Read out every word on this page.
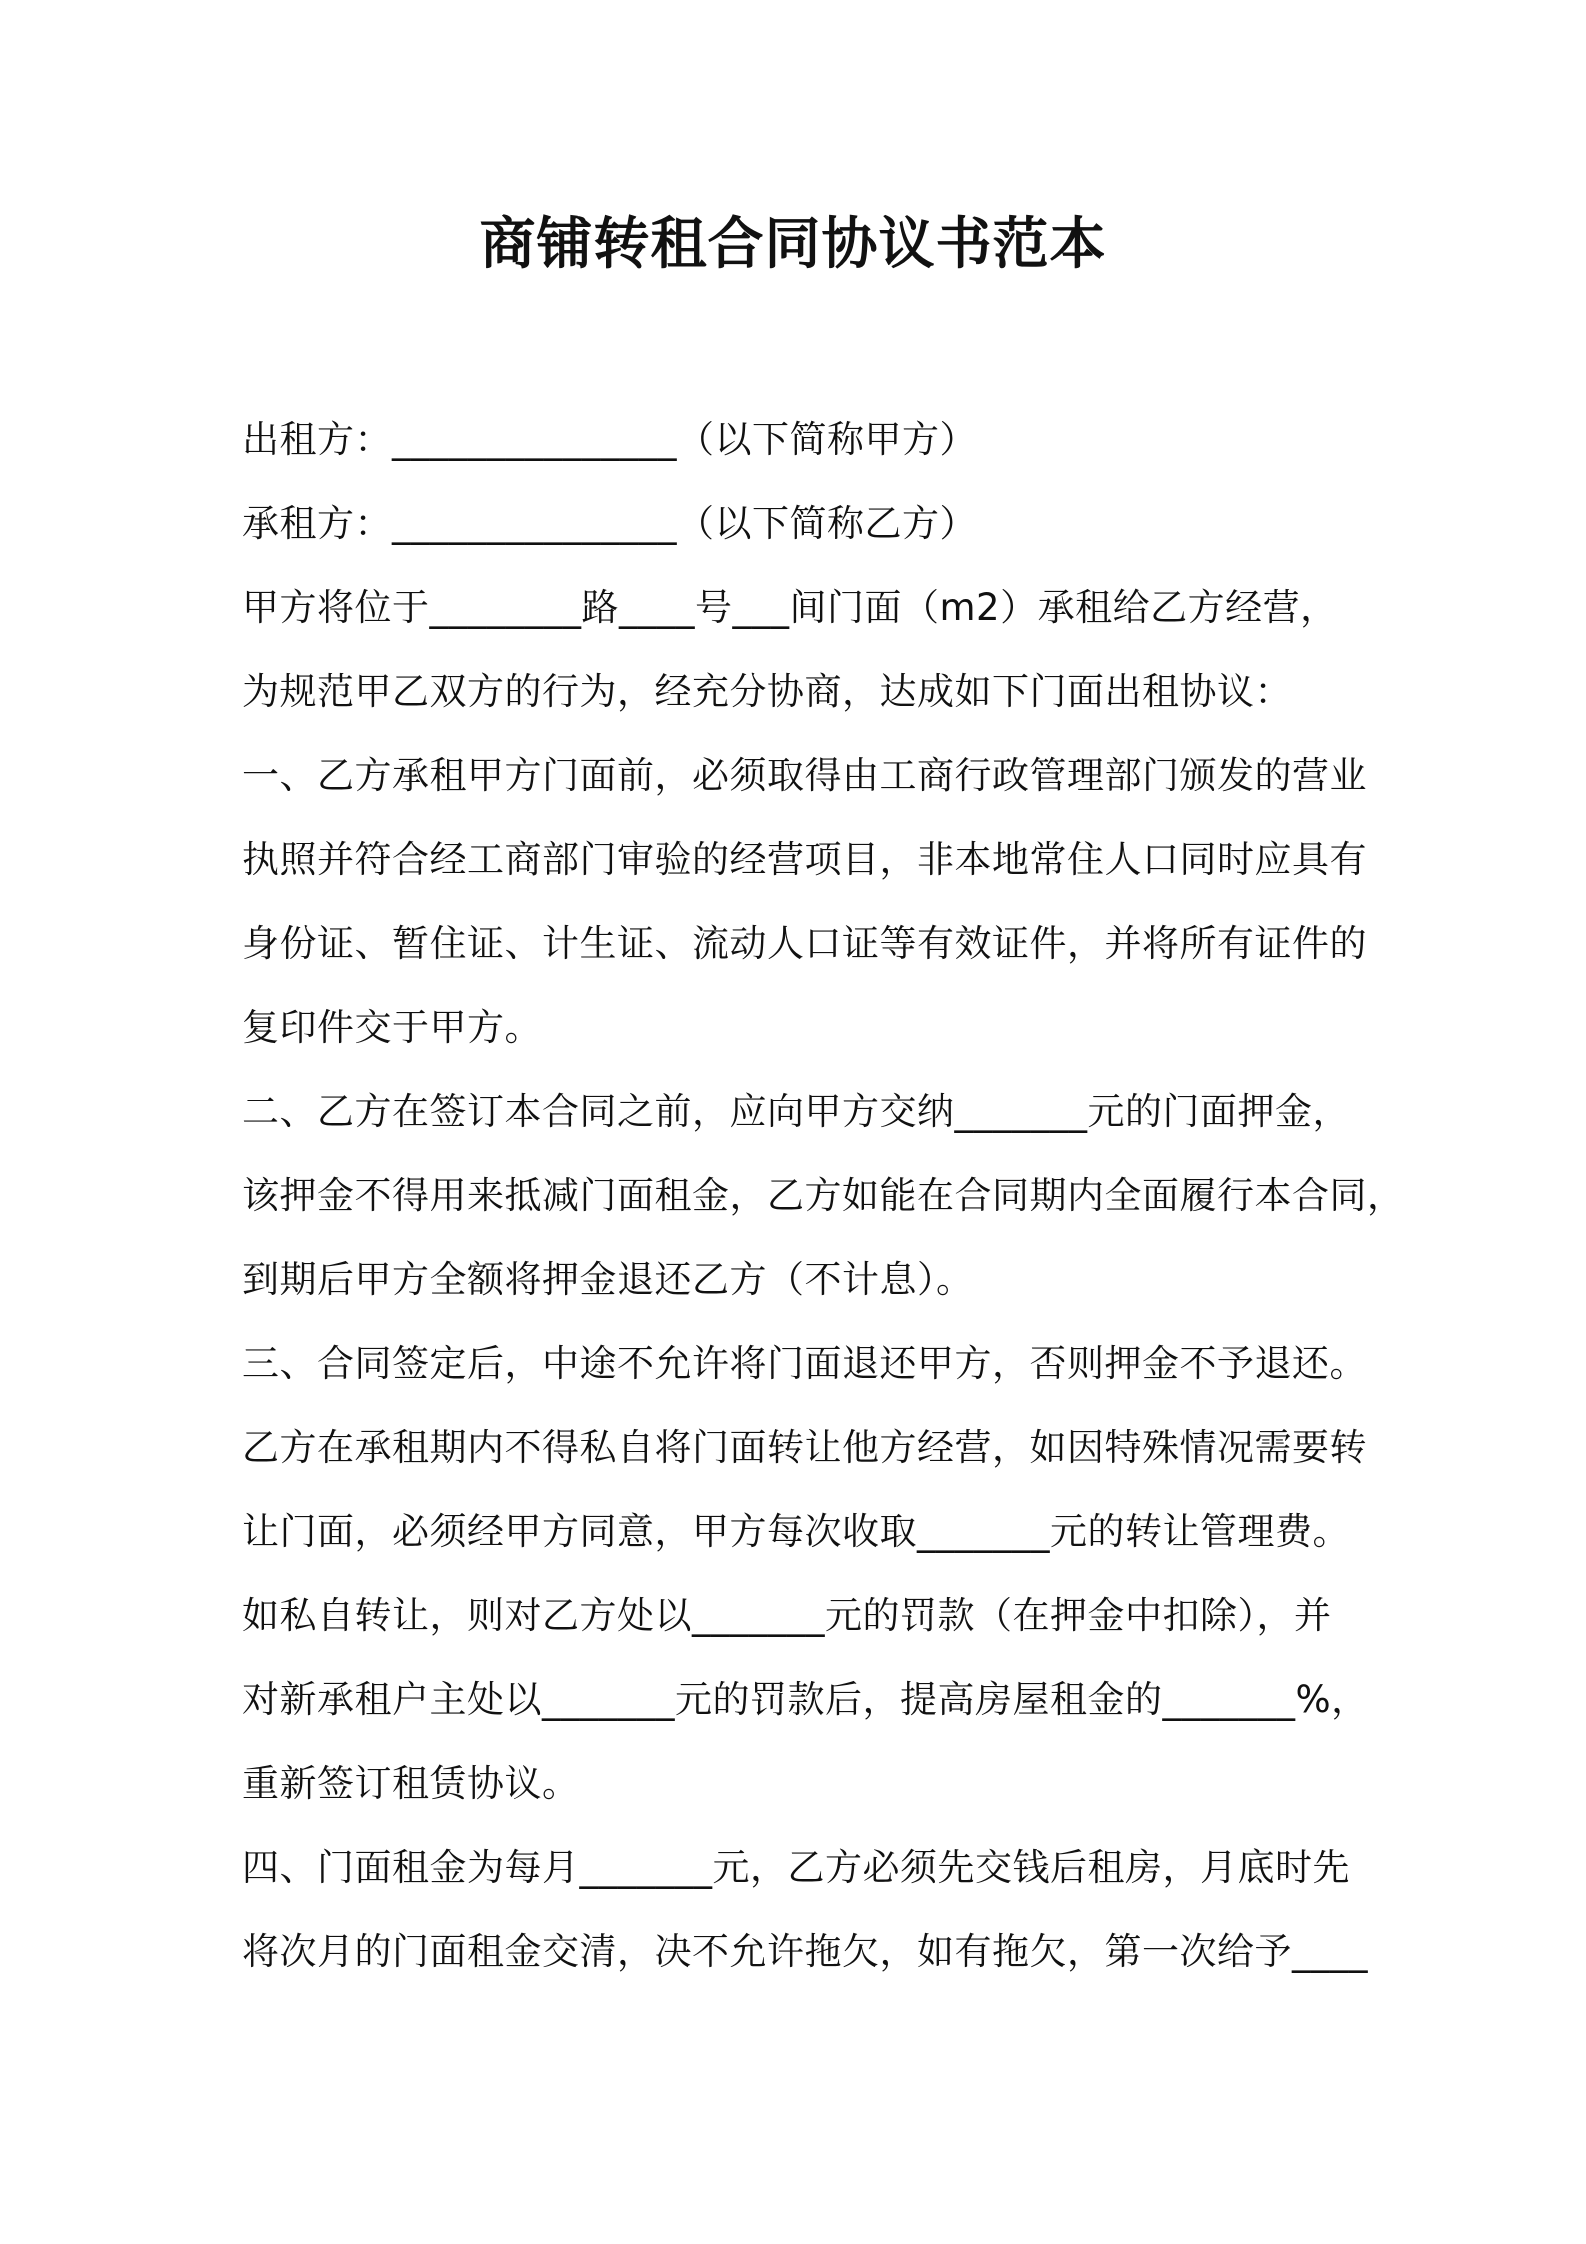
商铺转租合同协议书范本
出租方：_______________（以下简称甲方）
承租方：_______________（以下简称乙方）
甲方将位于________路____号___间门面（m2）承租给乙方经营，
为规范甲乙双方的行为，经充分协商，达成如下门面出租协议：
一、乙方承租甲方门面前，必须取得由工商行政管理部门颁发的营业
执照并符合经工商部门审验的经营项目，非本地常住人口同时应具有
身份证、暂住证、计生证、流动人口证等有效证件，并将所有证件的
复印件交于甲方。
二、乙方在签订本合同之前，应向甲方交纳_______元的门面押金，
该押金不得用来抵减门面租金，乙方如能在合同期内全面履行本合同，
到期后甲方全额将押金退还乙方（不计息）。
三、合同签定后，中途不允许将门面退还甲方，否则押金不予退还。
乙方在承租期内不得私自将门面转让他方经营，如因特殊情况需要转
让门面，必须经甲方同意，甲方每次收取_______元的转让管理费。
如私自转让，则对乙方处以_______元的罚款（在押金中扣除），并
对新承租户主处以_______元的罚款后，提高房屋租金的_______%，
重新签订租赁协议。
四、门面租金为每月_______元，乙方必须先交钱后租房，月底时先
将次月的门面租金交清，决不允许拖欠，如有拖欠，第一次给予____
